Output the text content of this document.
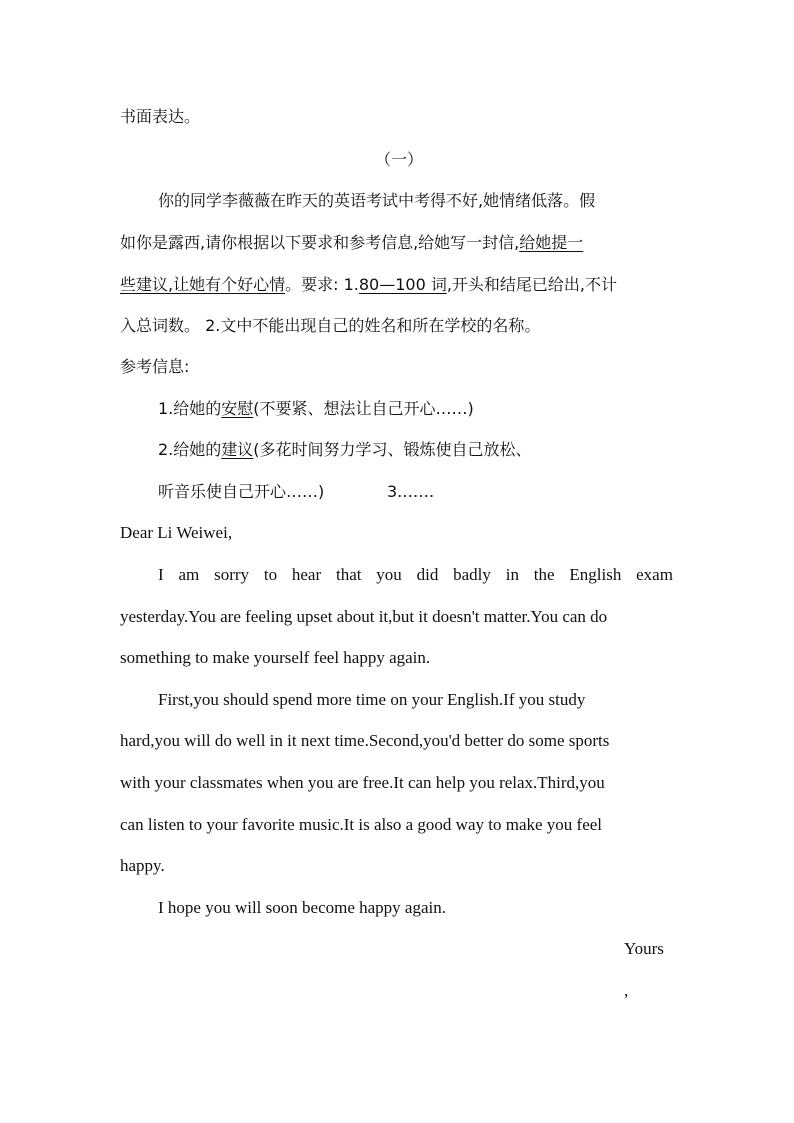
书面表达。
（一）
你的同学李薇薇在昨天的英语考试中考得不好,她情绪低落。假
如你是露西,请你根据以下要求和参考信息,给她写一封信,给她提一
些建议,让她有个好心情。要求: 1.80—100 词,开头和结尾已给出,不计
入总词数。 2.文中不能出现自己的姓名和所在学校的名称。
参考信息:
1.给她的安慰(不要紧、想法让自己开心……)
2.给她的建议(多花时间努力学习、锻炼使自己放松、
听音乐使自己开心……)	3.……
Dear Li Weiwei,
I am sorry to hear that you did badly in the English exam
yesterday.You are feeling upset about it,but it doesn't matter.You can do
something to make yourself feel happy again.
First,you should spend more time on your English.If you study
hard,you will do well in it next time.Second,you'd better do some sports
with your classmates when you are free.It can help you relax.Third,you
can listen to your favorite music.It is also a good way to make you feel
happy.
I hope you will soon become happy again.
Yours
,
